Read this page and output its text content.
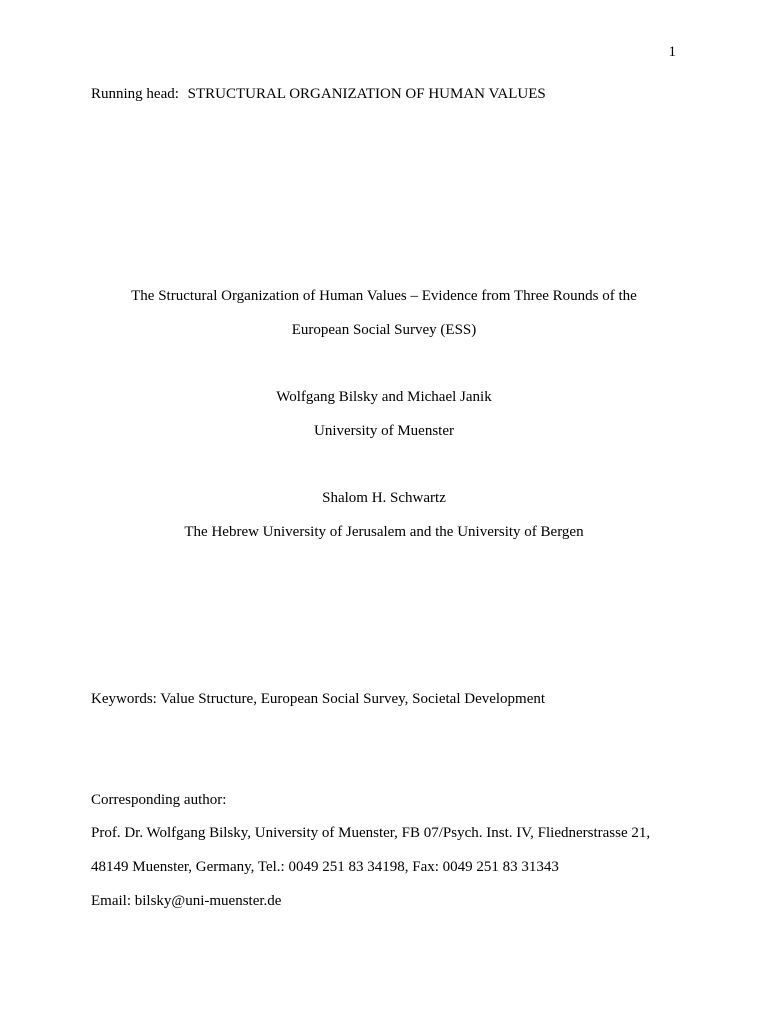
1
Running head: STRUCTURAL ORGANIZATION OF HUMAN VALUES
The Structural Organization of Human Values – Evidence from Three Rounds of the
European Social Survey (ESS)
Wolfgang Bilsky and Michael Janik
University of Muenster
Shalom H. Schwartz
The Hebrew University of Jerusalem and the University of Bergen
Keywords: Value Structure, European Social Survey, Societal Development
Corresponding author:
Prof. Dr. Wolfgang Bilsky, University of Muenster, FB 07/Psych. Inst. IV, Fliednerstrasse 21,
48149 Muenster, Germany, Tel.: 0049 251 83 34198, Fax: 0049 251 83 31343
Email: bilsky@uni-muenster.de
